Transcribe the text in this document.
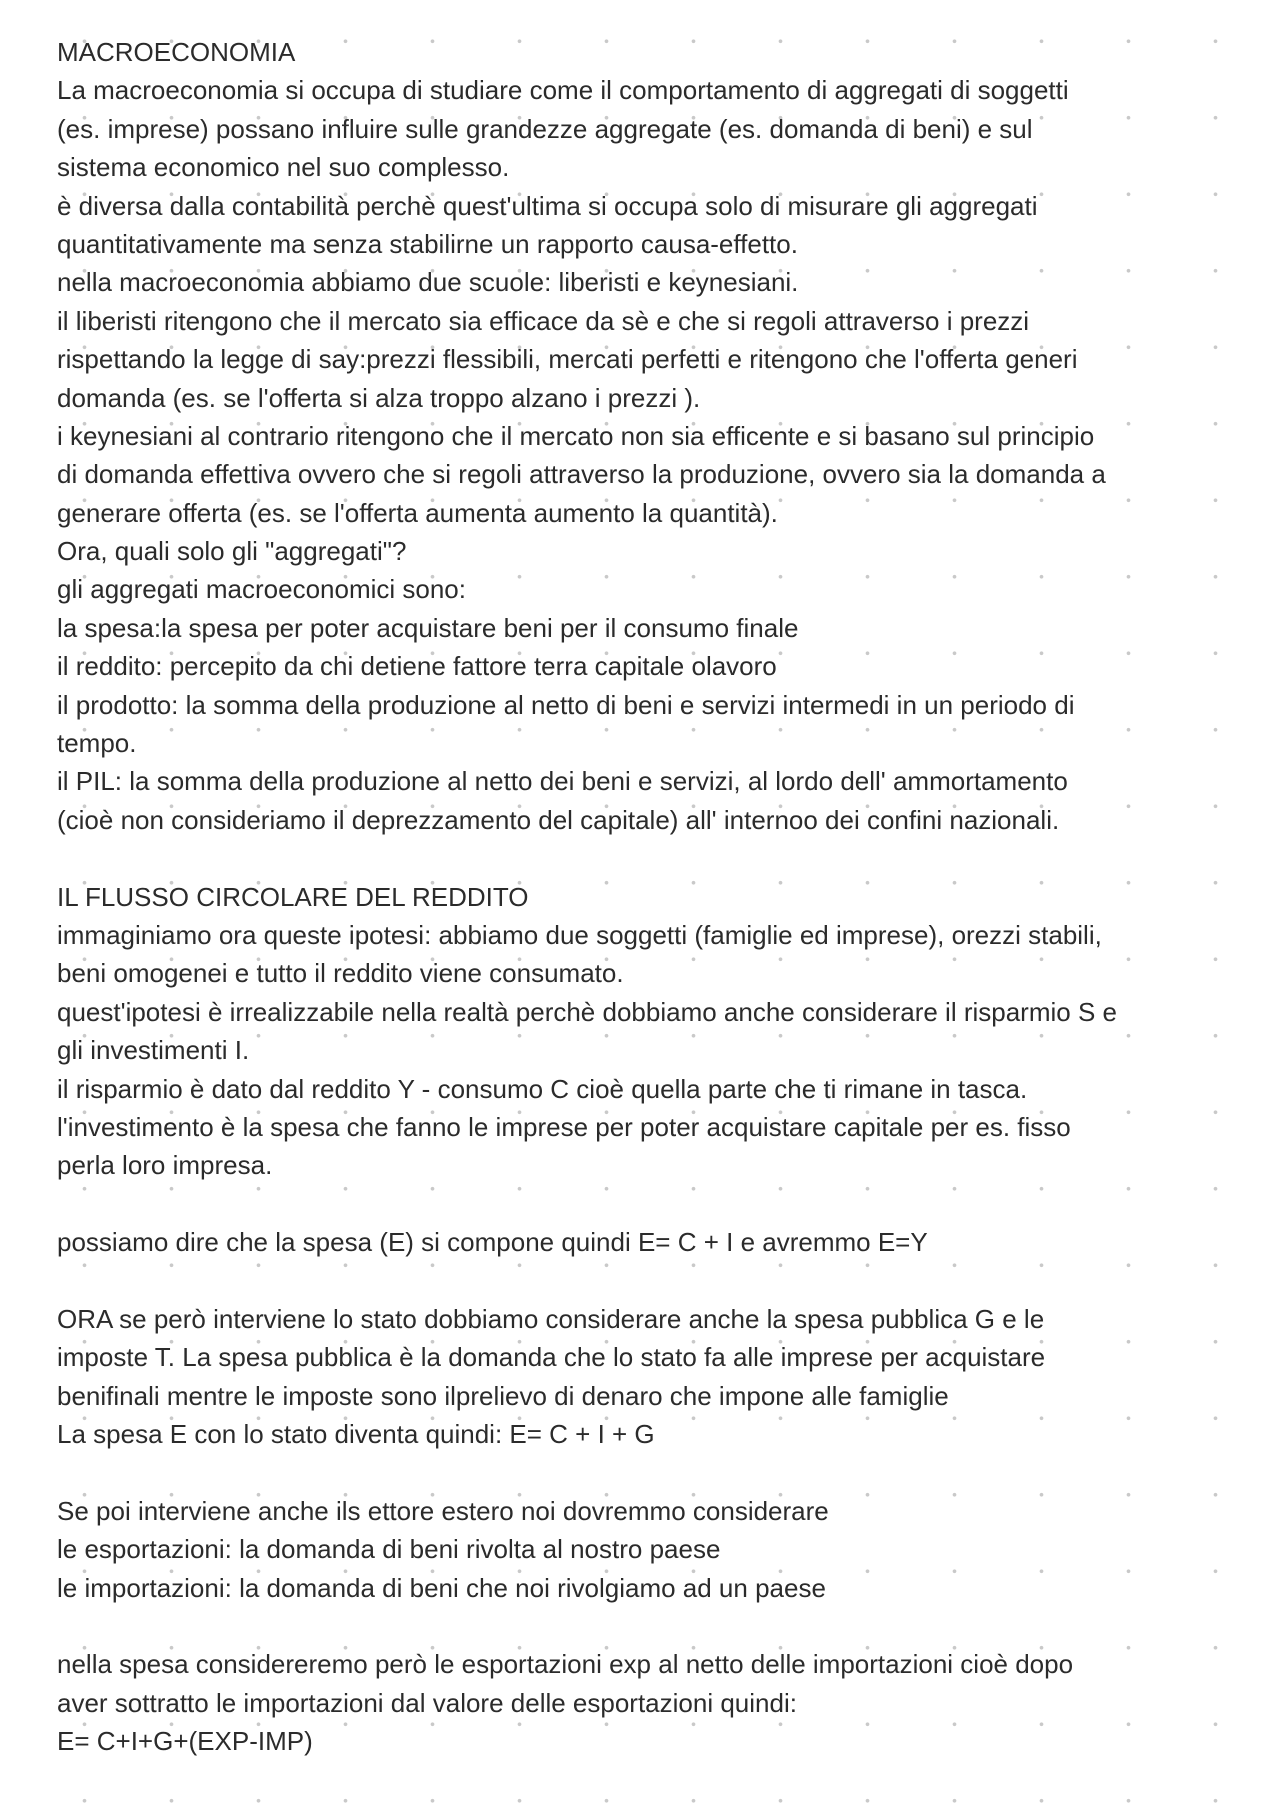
MACROECONOMIA
La macroeconomia si occupa di studiare come il comportamento di aggregati di soggetti
(es. imprese) possano influire sulle grandezze aggregate (es. domanda di beni) e sul
sistema economico nel suo complesso.
è diversa dalla contabilità perchè quest'ultima si occupa solo di misurare gli aggregati
quantitativamente ma senza stabilirne un rapporto causa-effetto.
nella macroeconomia abbiamo due scuole: liberisti e keynesiani.
il liberisti ritengono che il mercato sia efficace da sè e che si regoli attraverso i prezzi
rispettando la legge di say:prezzi flessibili, mercati perfetti e ritengono che l'offerta generi
domanda (es. se l'offerta si alza troppo alzano i prezzi ).
i keynesiani al contrario ritengono che il mercato non sia efficente e si basano sul principio
di domanda effettiva ovvero che si regoli attraverso la produzione, ovvero sia la domanda a
generare offerta (es. se l'offerta aumenta aumento la quantità).
Ora, quali solo gli "aggregati"?
gli aggregati macroeconomici sono:
la spesa:la spesa per poter acquistare beni per il consumo finale
il reddito: percepito da chi detiene fattore terra capitale olavoro
il prodotto: la somma della produzione al netto di beni e servizi intermedi in un periodo di
tempo.
il PIL: la somma della produzione al netto dei beni e servizi, al lordo dell' ammortamento
(cioè non consideriamo il deprezzamento del capitale) all' internoo dei confini nazionali.
IL FLUSSO CIRCOLARE DEL REDDITO
immaginiamo ora queste ipotesi: abbiamo due soggetti (famiglie ed imprese), orezzi stabili,
beni omogenei e tutto il reddito viene consumato.
quest'ipotesi è irrealizzabile nella realtà perchè dobbiamo anche considerare il risparmio S e
gli investimenti I.
il risparmio è dato dal reddito Y - consumo C cioè quella parte che ti rimane in tasca.
l'investimento è la spesa che fanno le imprese per poter acquistare capitale per es. fisso
perla loro impresa.
possiamo dire che la spesa (E) si compone quindi E= C + I e avremmo E=Y
ORA se però interviene lo stato dobbiamo considerare anche la spesa pubblica G e le
imposte T. La spesa pubblica è la domanda che lo stato fa alle imprese per acquistare
benifinali mentre le imposte sono ilprelievo di denaro che impone alle famiglie
La spesa E con lo stato diventa quindi: E= C + I + G
Se poi interviene anche ils ettore estero noi dovremmo considerare
le esportazioni: la domanda di beni rivolta al nostro paese
le importazioni: la domanda di beni che noi rivolgiamo ad un paese
nella spesa considereremo però le esportazioni exp al netto delle importazioni cioè dopo
aver sottratto le importazioni dal valore delle esportazioni quindi:
E= C+I+G+(EXP-IMP)
